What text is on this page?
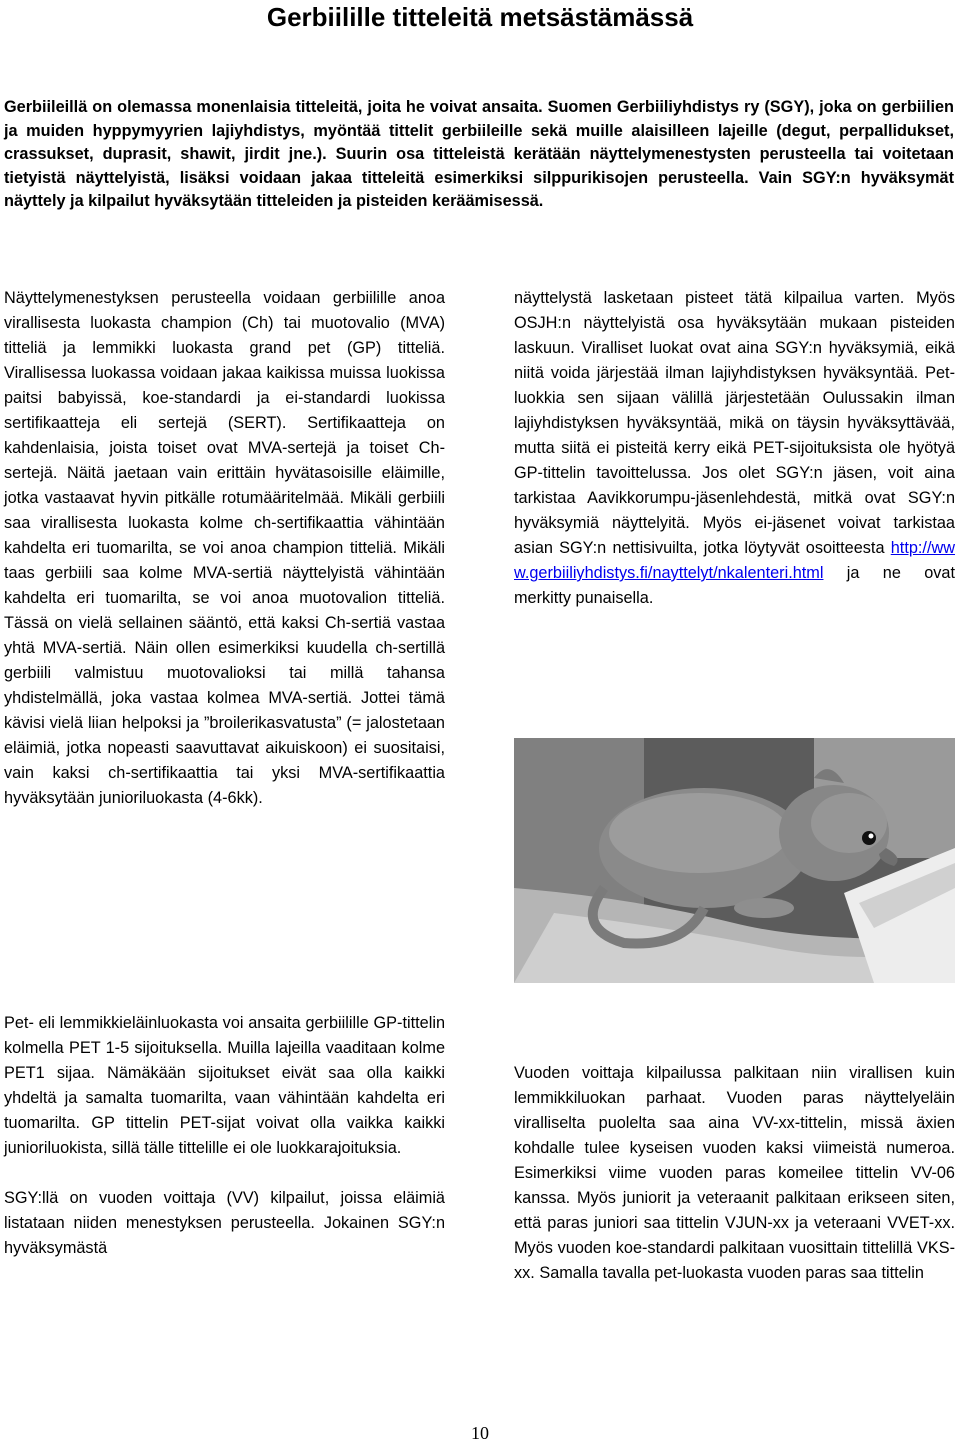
Gerbiilille titteleitä metsästämässä

Gerbiileillä on olemassa monenlaisia titteleitä, joita he voivat ansaita. Suomen Gerbiiliyhdistys ry (SGY), joka on gerbiilien ja muiden hyppymyyrien lajiyhdistys, myöntää tittelit gerbiileille sekä muille alaisilleen lajeille (degut, perpallidukset, crassukset, duprasit, shawit, jirdit jne.). Suurin osa titteleistä kerätään näyttelymenestysten perusteella tai voitetaan tietyistä näyttelyistä, lisäksi voidaan jakaa titteleitä esimerkiksi silppurikisojen perusteella. Vain SGY:n hyväksymät näyttely ja kilpailut hyväksytään titteleiden ja pisteiden keräämisessä.

Näyttelymenestyksen perusteella voidaan gerbiilille anoa virallisesta luokasta champion (Ch) tai muotovalio (MVA) titteliä ja lemmikki luokasta grand pet (GP) titteliä. Virallisessa luokassa voidaan jakaa kaikissa muissa luokissa paitsi babyissä, koe-standardi ja ei-standardi luokissa sertifikaatteja eli sertejä (SERT). Sertifikaatteja on kahdenlaisia, joista toiset ovat MVA-sertejä ja toiset Ch-sertejä. Näitä jaetaan vain erittäin hyvätasoisille eläimille, jotka vastaavat hyvin pitkälle rotumääritelmää. Mikäli gerbiili saa virallisesta luokasta kolme ch-sertifikaattia vähintään kahdelta eri tuomarilta, se voi anoa champion titteliä. Mikäli taas gerbiili saa kolme MVA-sertiä näyttelyistä vähintään kahdelta eri tuomarilta, se voi anoa muotovalion titteliä. Tässä on vielä sellainen sääntö, että kaksi Ch-sertiä vastaa yhtä MVA-sertiä. Näin ollen esimerkiksi kuudella ch-sertillä gerbiili valmistuu muotovalioksi tai millä tahansa yhdistelmällä, joka vastaa kolmea MVA-sertiä. Jottei tämä kävisi vielä liian helpoksi ja ”broilerikasvatusta” (= jalostetaan eläimiä, jotka nopeasti saavuttavat aikuiskoon) ei suositaisi, vain kaksi ch-sertifikaattia tai yksi MVA-sertifikaattia hyväksytään junioriluokasta (4-6kk).

Pet- eli lemmikkieläinluokasta voi ansaita gerbiilille GP-tittelin kolmella PET 1-5 sijoituksella. Muilla lajeilla vaaditaan kolme PET1 sijaa. Nämäkään sijoitukset eivät saa olla kaikki yhdeltä ja samalta tuomarilta, vaan vähintään kahdelta eri tuomarilta. GP tittelin PET-sijat voivat olla vaikka kaikki junioriluokista, sillä tälle tittelille ei ole luokkarajoituksia.

SGY:llä on vuoden voittaja (VV) kilpailut, joissa eläimiä listataan niiden menestyksen perusteella. Jokainen SGY:n hyväksymästä

näyttelystä lasketaan pisteet tätä kilpailua varten. Myös OSJH:n näyttelyistä osa hyväksytään mukaan pisteiden laskuun. Viralliset luokat ovat aina SGY:n hyväksymiä, eikä niitä voida järjestää ilman lajiyhdistyksen hyväksyntää. Pet-luokkia sen sijaan välillä järjestetään Oulussakin ilman lajiyhdistyksen hyväksyntää, mikä on täysin hyväksyttävää, mutta siitä ei pisteitä kerry eikä PET-sijoituksista ole hyötyä GP-tittelin tavoittelussa. Jos olet SGY:n jäsen, voit aina tarkistaa Aavikkorumpu-jäsenlehdestä, mitkä ovat SGY:n hyväksymiä näyttelyitä. Myös ei-jäsenet voivat tarkistaa asian SGY:n nettisivuilta, jotka löytyvät osoitteesta http://www.gerbiiliyhdistys.fi/nayttelyt/nkalenteri.html ja ne ovat merkitty punaisella.

Vuoden voittaja kilpailussa palkitaan niin virallisen kuin lemmikkiluokan parhaat. Vuoden paras näyttelyeläin viralliselta puolelta saa aina VV-xx-tittelin, missä äxien kohdalle tulee kyseisen vuoden kaksi viimeistä numeroa. Esimerkiksi viime vuoden paras komeilee tittelin VV-06 kanssa. Myös juniorit ja veteraanit palkitaan erikseen siten, että paras juniori saa tittelin VJUN-xx ja veteraani VVET-xx. Myös vuoden koe-standardi palkitaan vuosittain tittelillä VKS-xx. Samalla tavalla pet-luokasta vuoden paras saa tittelin

10
